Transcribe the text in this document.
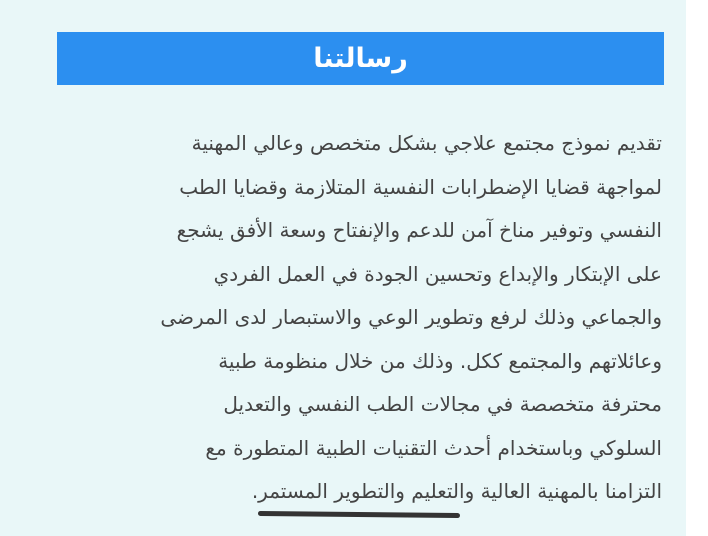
رسالتنا
تقديم نموذج مجتمع علاجي بشكل متخصص وعالي المهنية
لمواجهة قضايا الإضطرابات النفسية المتلازمة وقضايا الطب
النفسي وتوفير مناخ آمن للدعم والإنفتاح وسعة الأفق يشجع
على الإبتكار والإبداع وتحسين الجودة في العمل الفردي
والجماعي وذلك لرفع وتطوير الوعي والاستبصار لدى المرضى
وعائلاتهم والمجتمع ككل. وذلك من خلال منظومة طبية
محترفة متخصصة في مجالات الطب النفسي والتعديل
السلوكي وباستخدام أحدث التقنيات الطبية المتطورة مع
التزامنا بالمهنية العالية والتعليم والتطوير المستمر.
